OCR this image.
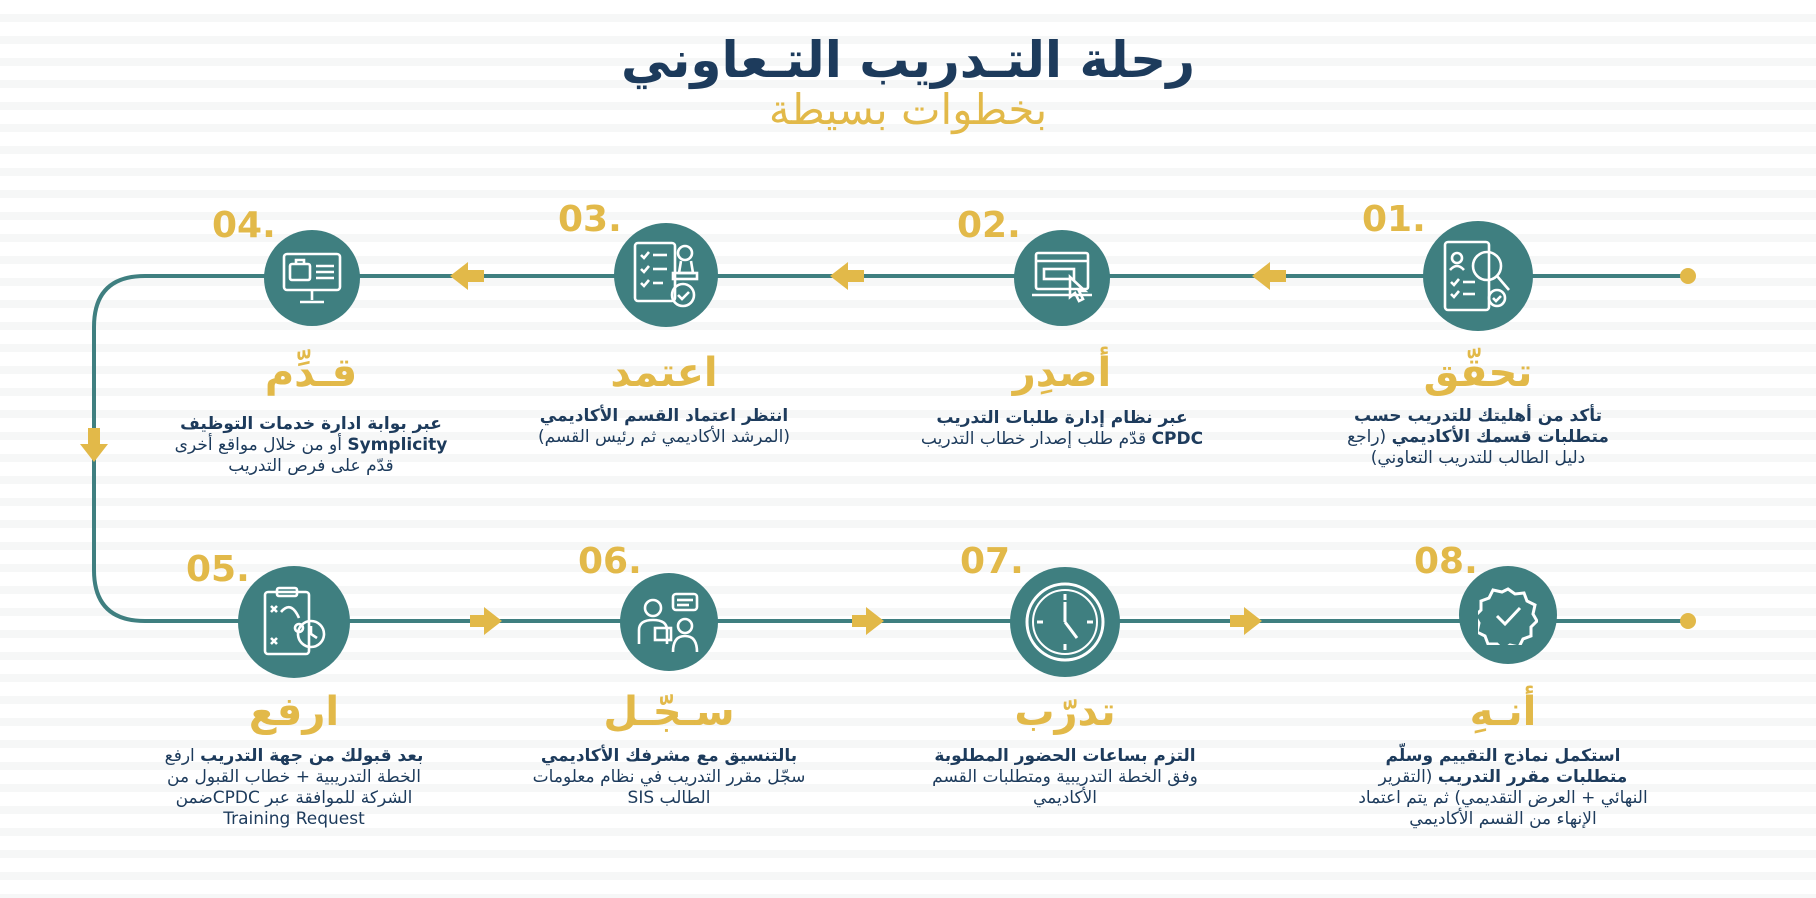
رحلة التـدريب التـعاوني
بخطوات بسيطة
01.
تحقّق
تأكد من أهليتك للتدريب حسب متطلبات قسمك الأكاديمي (راجع دليل الطالب للتدريب التعاوني)
02.
أصدِر
عبر نظام إدارة طلبات التدريب CPDC قدّم طلب إصدار خطاب التدريب
03.
اعتمد
انتظر اعتماد القسم الأكاديمي (المرشد الأكاديمي ثم رئيس القسم)
04.
قـدِّم
عبر بوابة ادارة خدمات التوظيف Symplicity أو من خلال مواقع أخرى قدّم على فرص التدريب
05.
ارفع
بعد قبولك من جهة التدريب ارفع الخطة التدريبية + خطاب القبول من الشركة للموافقة عبر CPDCضمن Training Request
06.
سـجّـل
بالتنسيق مع مشرفك الأكاديمي سجّل مقرر التدريب في نظام معلومات الطالب SIS
07.
تدرّب
التزم بساعات الحضور المطلوبة وفق الخطة التدريبية ومتطلبات القسم الأكاديمي
08.
أنـهِ
استكمل نماذج التقييم وسلّم متطلبات مقرر التدريب (التقرير النهائي + العرض التقديمي) ثم يتم اعتماد الإنهاء من القسم الأكاديمي
